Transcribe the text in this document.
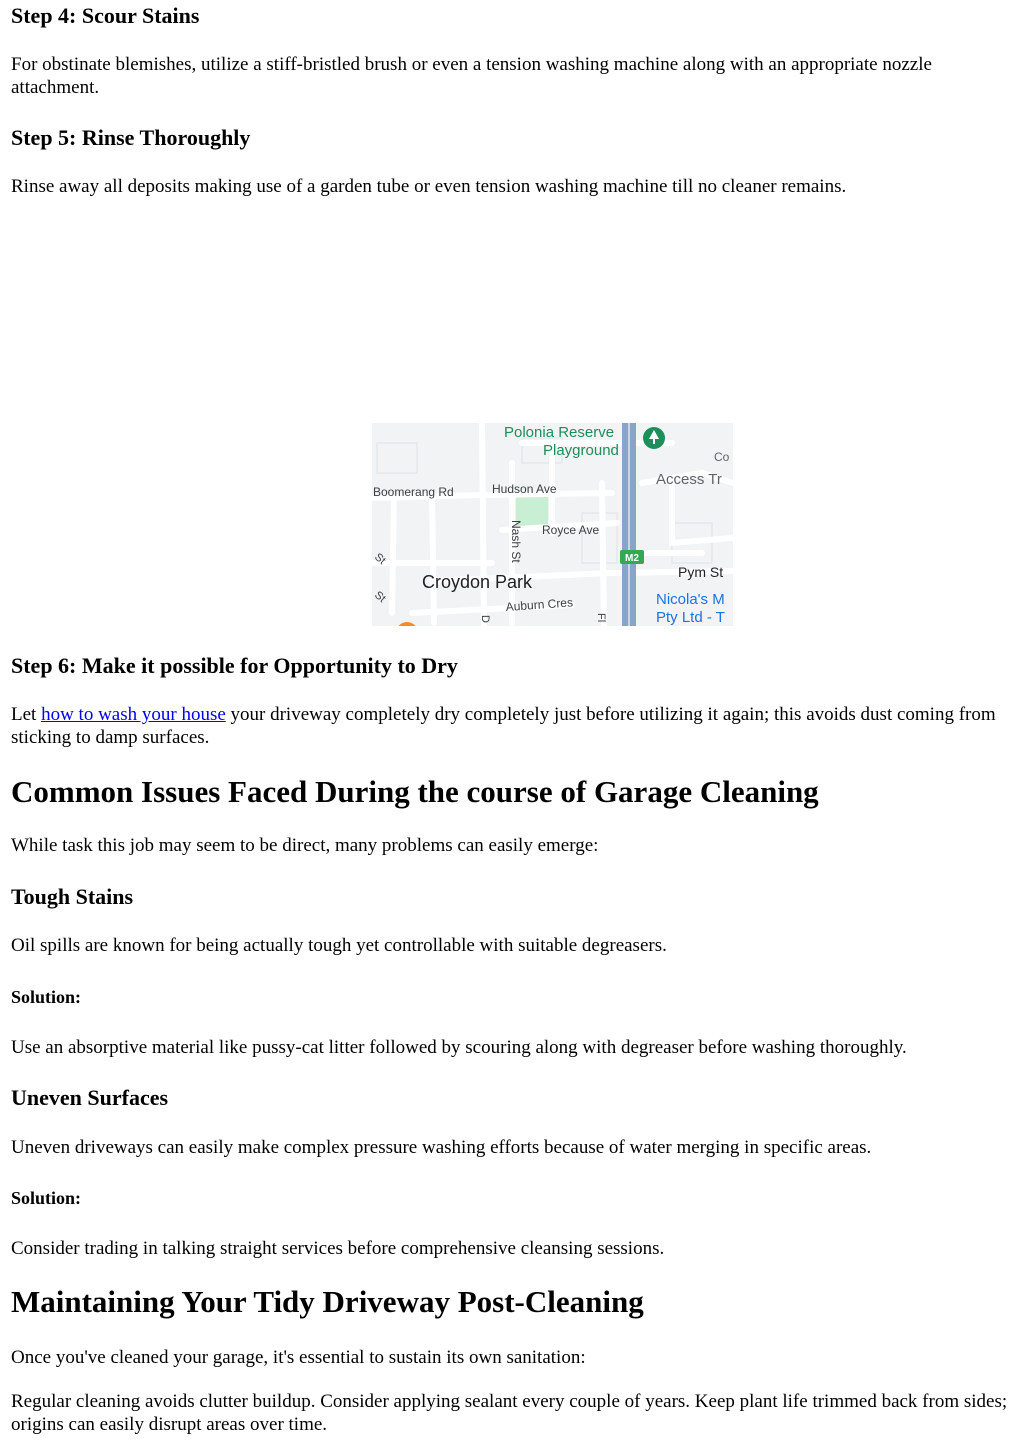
Step 4: Scour Stains

For obstinate blemishes, utilize a stiff-bristled brush or even a tension washing machine along with an appropriate nozzle attachment.

Step 5: Rinse Thoroughly

Rinse away all deposits making use of a garden tube or even tension washing machine till no cleaner remains.

M2
Polonia Reserve
Playground	Co
Access Tr
Boomerang Rd	Hudson Ave
Royce Ave
Nash St
Croydon Park	Pym St
Nicola's M
Pty Ltd - T
Auburn Cres
St
St
D	Fl
Step 6: Make it possible for Opportunity to Dry

Let how to wash your house your driveway completely dry completely just before utilizing it again; this avoids dust coming from sticking to damp surfaces.

Common Issues Faced During the course of Garage Cleaning

While task this job may seem to be direct, many problems can easily emerge:

Tough Stains

Oil spills are known for being actually tough yet controllable with suitable degreasers.

Solution:

Use an absorptive material like pussy-cat litter followed by scouring along with degreaser before washing thoroughly.

Uneven Surfaces

Uneven driveways can easily make complex pressure washing efforts because of water merging in specific areas.

Solution:

Consider trading in talking straight services before comprehensive cleansing sessions.

Maintaining Your Tidy Driveway Post-Cleaning

Once you've cleaned your garage, it's essential to sustain its own sanitation:

Regular cleaning avoids clutter buildup. Consider applying sealant every couple of years. Keep plant life trimmed back from sides; origins can easily disrupt areas over time.
